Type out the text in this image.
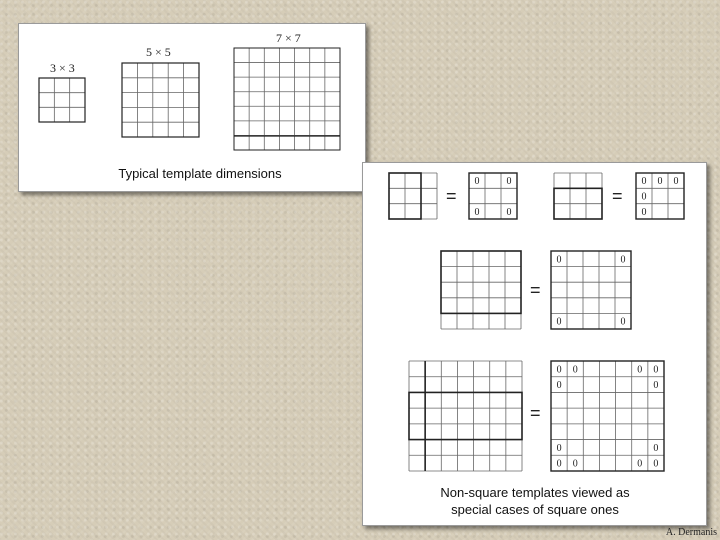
3 × 3
5 × 5
7 × 7
Typical template dimensions
=
0	0
0	0
=
0 0 0
0
0
=
0	0
0	0
=
0 0	0 0
0	0
0	0
0 0	0 0
Non-square templates viewed as
special cases of square ones
A. Dermanis
